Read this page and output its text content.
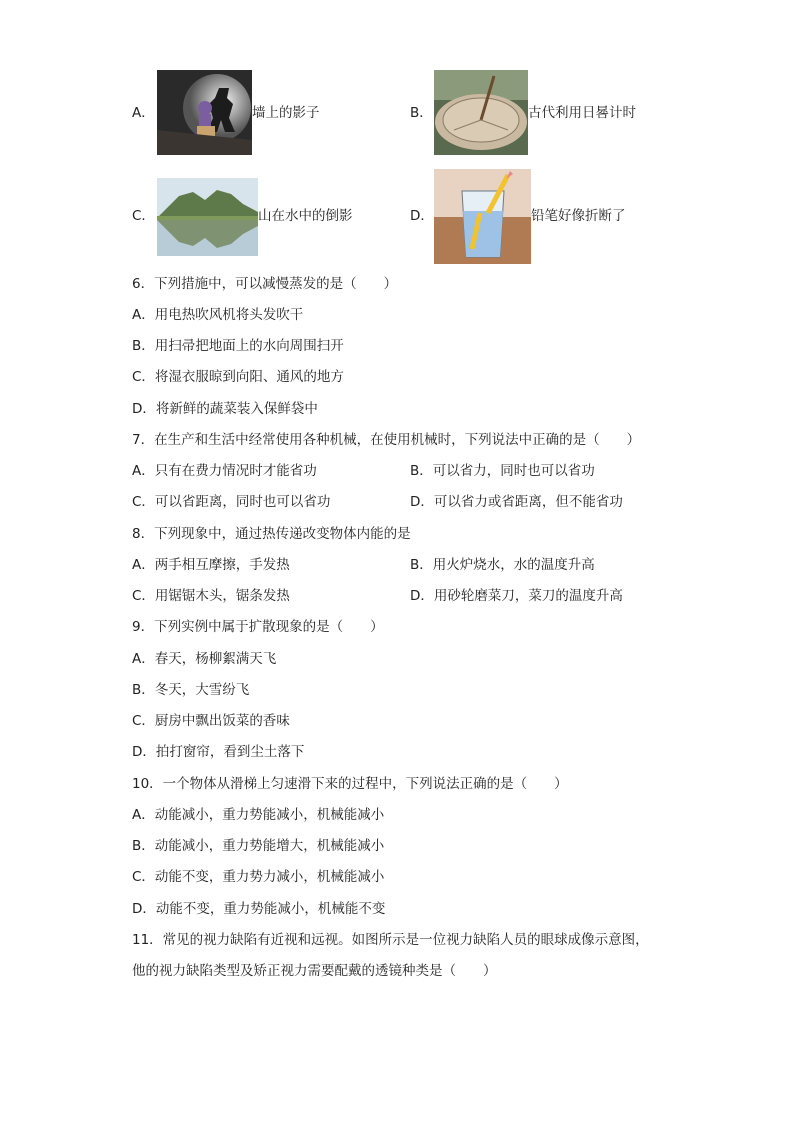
A．	墙上的影子	B．	古代利用日晷计时
C．	山在水中的倒影	D．	铅笔好像折断了
6．下列措施中，可以减慢蒸发的是（　　）
A．用电热吹风机将头发吹干
B．用扫帚把地面上的水向周围扫开
C．将湿衣服晾到向阳、通风的地方
D．将新鲜的蔬菜装入保鲜袋中
7．在生产和生活中经常使用各种机械，在使用机械时，下列说法中正确的是（　　）
A．只有在费力情况时才能省功	B．可以省力，同时也可以省功
C．可以省距离，同时也可以省功	D．可以省力或省距离，但不能省功
8．下列现象中，通过热传递改变物体内能的是
A．两手相互摩擦，手发热	B．用火炉烧水，水的温度升高
C．用锯锯木头，锯条发热	D．用砂轮磨菜刀，菜刀的温度升高
9．下列实例中属于扩散现象的是（　　）
A．春天，杨柳絮满天飞
B．冬天，大雪纷飞
C．厨房中飘出饭菜的香味
D．拍打窗帘，看到尘土落下
10．一个物体从滑梯上匀速滑下来的过程中，下列说法正确的是（　　）
A．动能减小，重力势能减小，机械能减小
B．动能减小，重力势能增大，机械能减小
C．动能不变，重力势力减小，机械能减小
D．动能不变，重力势能减小，机械能不变
11．常见的视力缺陷有近视和远视。如图所示是一位视力缺陷人员的眼球成像示意图，
他的视力缺陷类型及矫正视力需要配戴的透镜种类是（　　）
